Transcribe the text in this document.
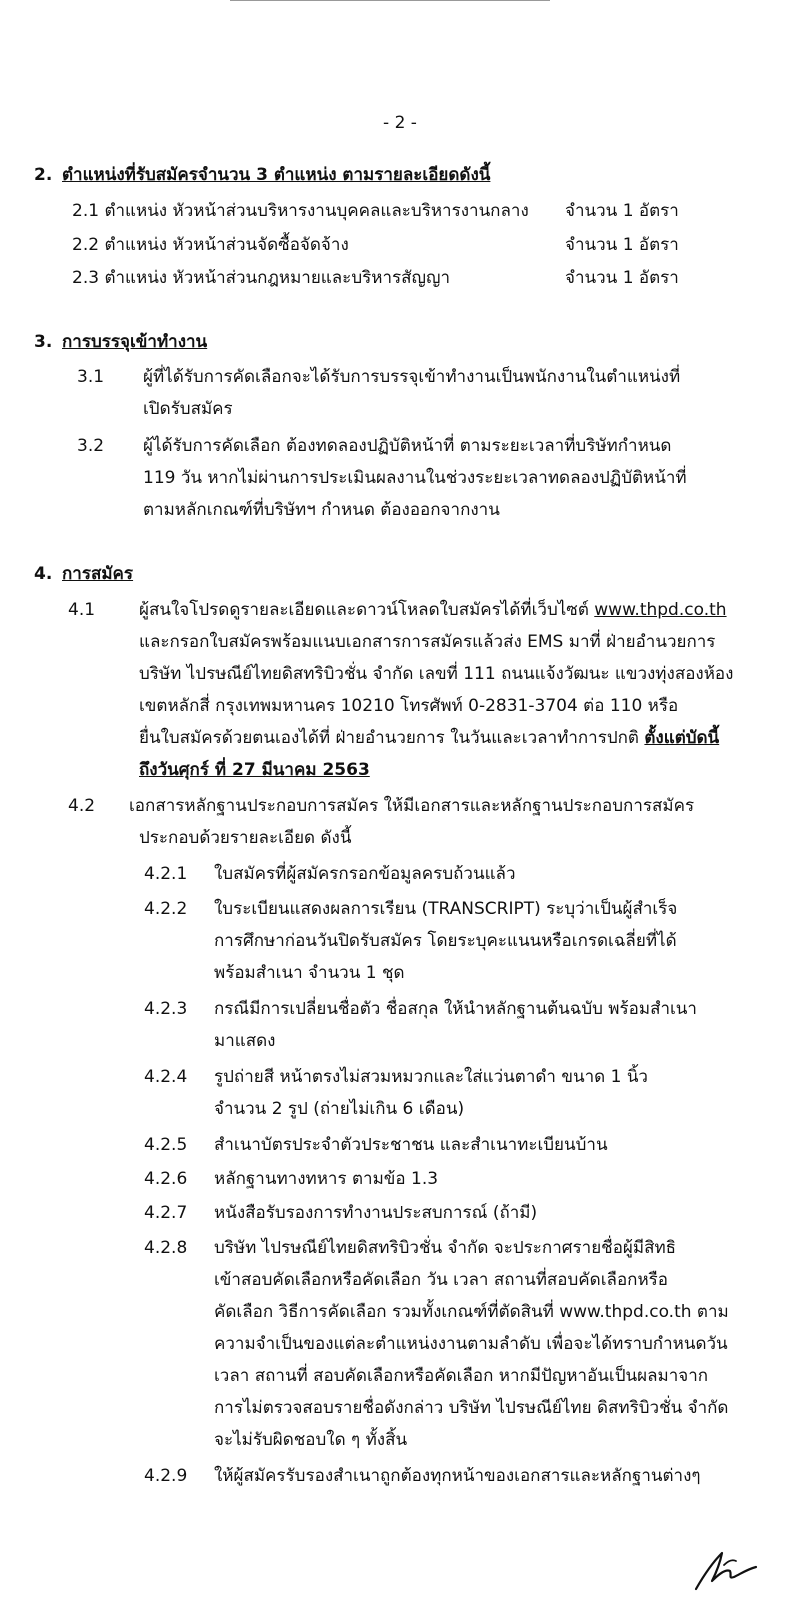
- 2 -
2. ตำแหน่งที่รับสมัครจำนวน 3 ตำแหน่ง ตามรายละเอียดดังนี้
2.1 ตำแหน่ง หัวหน้าส่วนบริหารงานบุคคลและบริหารงานกลาง จำนวน 1 อัตรา
2.2 ตำแหน่ง หัวหน้าส่วนจัดซื้อจัดจ้าง	จำนวน 1 อัตรา
2.3 ตำแหน่ง หัวหน้าส่วนกฎหมายและบริหารสัญญา	จำนวน 1 อัตรา
3. การบรรจุเข้าทำงาน
3.1 ผู้ที่ได้รับการคัดเลือกจะได้รับการบรรจุเข้าทำงานเป็นพนักงานในตำแหน่งที่
เปิดรับสมัคร
3.2 ผู้ได้รับการคัดเลือก ต้องทดลองปฏิบัติหน้าที่ ตามระยะเวลาที่บริษัทกำหนด
119 วัน หากไม่ผ่านการประเมินผลงานในช่วงระยะเวลาทดลองปฏิบัติหน้าที่
ตามหลักเกณฑ์ที่บริษัทฯ กำหนด ต้องออกจากงาน
4. การสมัคร
4.1	ผู้สนใจโปรดดูรายละเอียดและดาวน์โหลดใบสมัครได้ที่เว็บไซต์ www.thpd.co.th
และกรอกใบสมัครพร้อมแนบเอกสารการสมัครแล้วส่ง EMS มาที่ ฝ่ายอำนวยการ
บริษัท ไปรษณีย์ไทยดิสทริบิวชั่น จำกัด เลขที่ 111 ถนนแจ้งวัฒนะ แขวงทุ่งสองห้อง
เขตหลักสี่ กรุงเทพมหานคร 10210 โทรศัพท์ 0-2831-3704 ต่อ 110 หรือ
ยื่นใบสมัครด้วยตนเองได้ที่ ฝ่ายอำนวยการ ในวันและเวลาทำการปกติ ตั้งแต่บัดนี้
ถึงวันศุกร์ ที่ 27 มีนาคม 2563
4.2 เอกสารหลักฐานประกอบการสมัคร ให้มีเอกสารและหลักฐานประกอบการสมัคร
ประกอบด้วยรายละเอียด ดังนี้
4.2.1 ใบสมัครที่ผู้สมัครกรอกข้อมูลครบถ้วนแล้ว
4.2.2 ใบระเบียนแสดงผลการเรียน (TRANSCRIPT) ระบุว่าเป็นผู้สำเร็จ
การศึกษาก่อนวันปิดรับสมัคร โดยระบุคะแนนหรือเกรดเฉลี่ยที่ได้
พร้อมสำเนา จำนวน 1 ชุด
4.2.3 กรณีมีการเปลี่ยนชื่อตัว ชื่อสกุล ให้นำหลักฐานต้นฉบับ พร้อมสำเนา
มาแสดง
4.2.4 รูปถ่ายสี หน้าตรงไม่สวมหมวกและใส่แว่นตาดำ ขนาด 1 นิ้ว
จำนวน 2 รูป (ถ่ายไม่เกิน 6 เดือน)
4.2.5 สำเนาบัตรประจำตัวประชาชน และสำเนาทะเบียนบ้าน
4.2.6 หลักฐานทางทหาร ตามข้อ 1.3
4.2.7 หนังสือรับรองการทำงานประสบการณ์ (ถ้ามี)
4.2.8 บริษัท ไปรษณีย์ไทยดิสทริบิวชั่น จำกัด จะประกาศรายชื่อผู้มีสิทธิ
เข้าสอบคัดเลือกหรือคัดเลือก วัน เวลา สถานที่สอบคัดเลือกหรือ
คัดเลือก วิธีการคัดเลือก รวมทั้งเกณฑ์ที่ตัดสินที่ www.thpd.co.th ตาม
ความจำเป็นของแต่ละตำแหน่งงานตามลำดับ เพื่อจะได้ทราบกำหนดวัน
เวลา สถานที่ สอบคัดเลือกหรือคัดเลือก หากมีปัญหาอันเป็นผลมาจาก
การไม่ตรวจสอบรายชื่อดังกล่าว บริษัท ไปรษณีย์ไทย ดิสทริบิวชั่น จำกัด
จะไม่รับผิดชอบใด ๆ ทั้งสิ้น
4.2.9 ให้ผู้สมัครรับรองสำเนาถูกต้องทุกหน้าของเอกสารและหลักฐานต่างๆ
